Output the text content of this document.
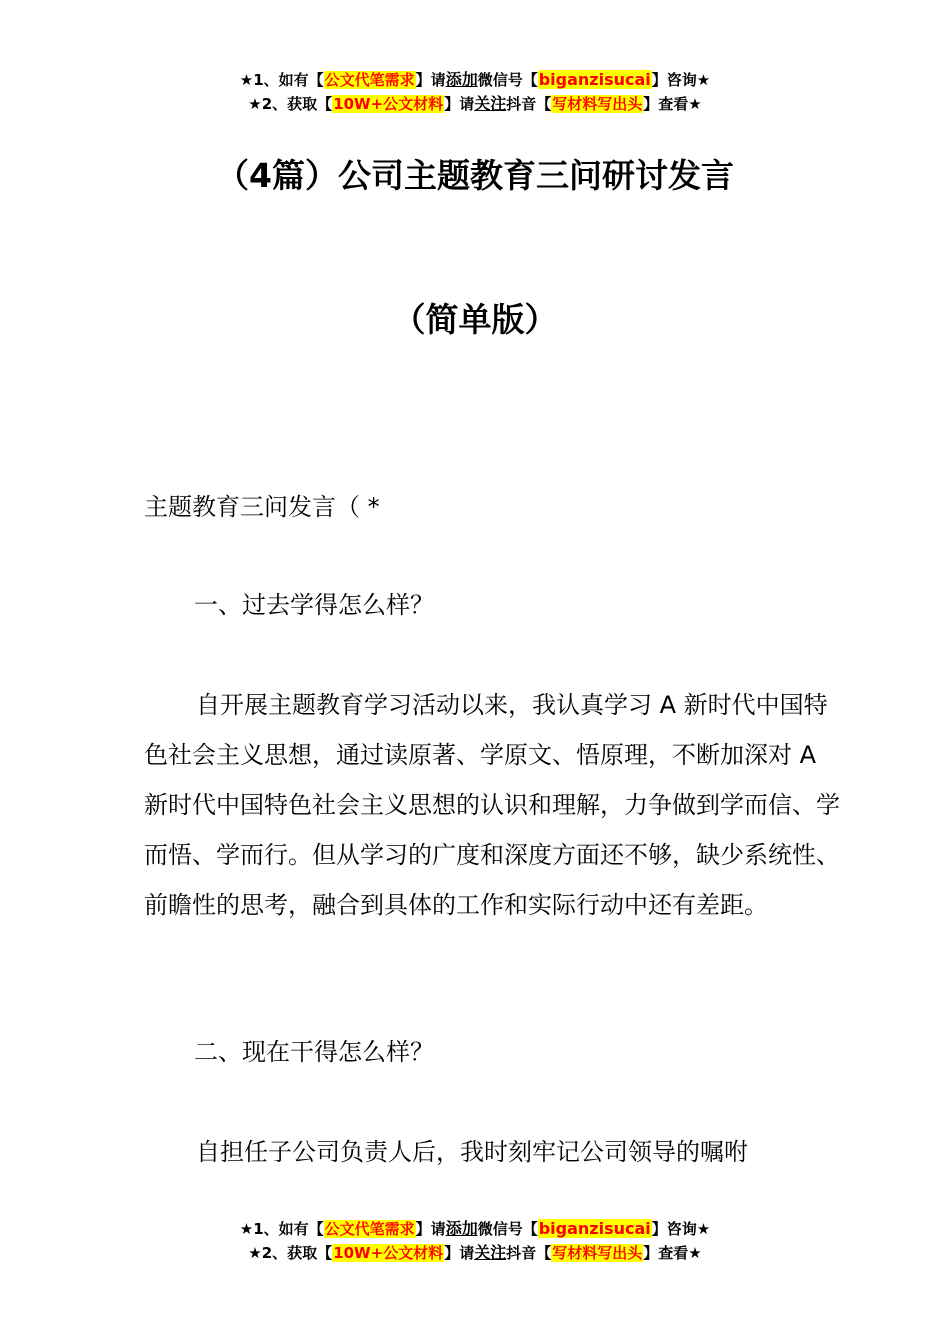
★1、如有【公文代笔需求】请添加微信号【biganzisucai】咨询★
★2、获取【10W+公文材料】请关注抖音【写材料写出头】查看★
（4篇）公司主题教育三问研讨发言
（简单版）
主题教育三问发言（ *
一、过去学得怎么样？
自开展主题教育学习活动以来，我认真学习 A 新时代中国特色社会主义思想，通过读原著、学原文、悟原理，不断加深对 A 新时代中国特色社会主义思想的认识和理解，力争做到学而信、学而悟、学而行。但从学习的广度和深度方面还不够，缺少系统性、前瞻性的思考，融合到具体的工作和实际行动中还有差距。
二、现在干得怎么样？
自担任子公司负责人后，我时刻牢记公司领导的嘱咐
★1、如有【公文代笔需求】请添加微信号【biganzisucai】咨询★
★2、获取【10W+公文材料】请关注抖音【写材料写出头】查看★
